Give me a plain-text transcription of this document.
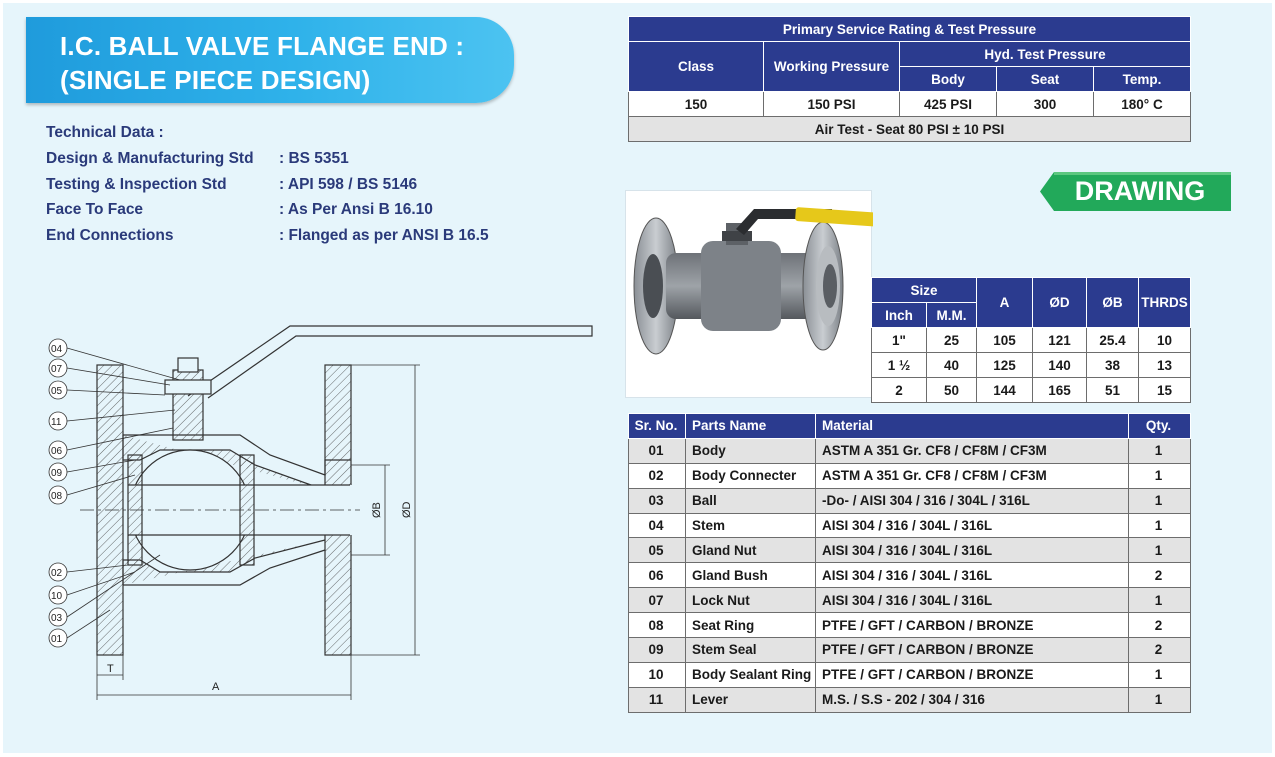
I.C. BALL VALVE FLANGE END :
(SINGLE PIECE DESIGN)
Technical Data :
Design & Manufacturing Std : BS 5351
Testing & Inspection Std	: API 598 / BS 5146
Face To Face	: As Per Ansi B 16.10
End Connections	: Flanged as per ANSI B 16.5
Primary Service Rating & Test Pressure				
Class	Working Pressure	Hyd. Test Pressure		
		Body	Seat	Temp.
150	150 PSI	425 PSI	300	180° C
Air Test - Seat 80 PSI ± 10 PSI				
DRAWING
Size		A	ØD	ØB	THRDS
Inch	M.M.				
1"	25	105	121	25.4	10
1 ½	40	125	140	38	13
2	50	144	165	51	15
Sr. No.	Parts Name	Material	Qty.
01	Body	ASTM A 351 Gr. CF8 / CF8M / CF3M	1
02	Body Connecter	ASTM A 351 Gr. CF8 / CF8M / CF3M	1
03	Ball	-Do- / AISI 304 / 316 / 304L / 316L	1
04	Stem	AISI 304 / 316 / 304L / 316L	1
05	Gland Nut	AISI 304 / 316 / 304L / 316L	1
06	Gland Bush	AISI 304 / 316 / 304L / 316L	2
07	Lock Nut	AISI 304 / 316 / 304L / 316L	1
08	Seat Ring	PTFE / GFT / CARBON / BRONZE	2
09	Stem Seal	PTFE / GFT / CARBON / BRONZE	2
10	Body Sealant Ring	PTFE / GFT / CARBON / BRONZE	1
11	Lever	M.S. / S.S - 202 / 304 / 316	1
A
T
ØB ØD
04
07
05
11
06
09
08
02
10
03
01
